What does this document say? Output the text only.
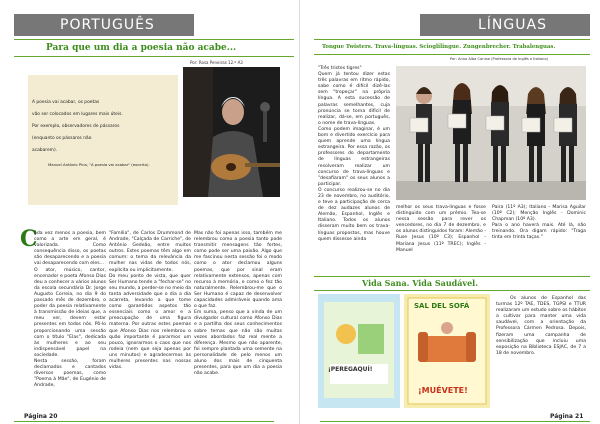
PORTUGUÊS
Para que um dia a poesia não acabe...
Por: Rosa Peneiras 12.º A3
A poesia vai acabar, os poetas
vão ser colocados em lugares mais úteis.
Por exemplo, observadores de pássaros
(enquanto os pássaros não
acabarem).
Manuel António Pina, "A poesia vai acabar" (excerto).
C
ada vez menos a poesia, bem como a arte em geral, é valorizada. Como consequência disso, os poetas são desaparecendo e a poesia vai desaparecendo com eles...
O ator, músico, cantor, encenador e poeta Afonso Dias deu a conhecer a vários alunos da escola secundária Dr. Jorge Augusto Correia, no dia 9 do passado mês de dezembro, o poder da poesia relativamente à transmissão de ideias que, a meu ver, devem estar presentes em todos nós. Pô-lo proporcionando uma sessão com o título "Elas", dedicada às mulheres e ao seu indispensável papel na sociedade.
Nesta sessão, foram declamados e cantados diversos poemas, como "Poema à Mãe", de Eugénio de Andrade,
"Família", de Carlos Drummond de Andrade, "Calçada de Carriche", de António Gedeão, entre muitos outros. Estes poemas têm algo em comum: o tema da relevância da mulher nas vidas de todos nós, explícita ou implicitamente.
Do meu ponto de vista, que quer Ser Humano tende a "fechar-se" no seu mundo, a perder-se no meio da tanta adversidade que o dia a dia acarreta, levando a que tome como garantidos aspetos tão essenciais como o amor e a preocupação de uma figura materna. Por outras estes poemas que Afonso Dias nos relembrou o quão importante é pararmos um pouco, ignorarmos o caos que nos rodeia (nem que seja apenas por uns minutos) e agradecermos às mulheres presentes nas nossas vidas.
Mas não foi apenas isso, também me relembrou como a poesia tanto pode transmitir mensagens tão fortes, como pode ser uma paixão. Algo que me fascinou nesta sessão foi o modo como o ator declamou alguns poemas, que por sinal eram relativamente extensos, apenas com recurso à memória, e como o fez tão naturalmente. Relembrou-me que o Ser Humano é capaz de desenvolver capacidades admiráveis quando ama o que faz.
Em suma, penso que a vinda de um divulgador cultural como Afonso Dias e a partilha dos seus conhecimentos sobre temas que não são muitas vezes abordados faz real mente a diferença. Mesmo que não aparente, foi sempre plantada uma semente na personalidade de pelo menos um aluno dos mais de cinquenta presentes, para que um dia a poesia não acabe.
Página 20
LÍNGUAS
Tongue Twisters. Trava-línguas. Scioglilingue. Zungenbrecher. Trabalenguas.
Por: Anna Alba Caruso (Professora de Inglês e Italiano)
"Três tristes tigres"
Quem já tentou dizer estas três palavras em ritmo rápido, sabe como é difícil dizê-las sem "tropeçar" na própria língua. A esta sucessão de palavras semelhantes, cuja pronúncia se torna difícil de realizar, dá-se, em português, o nome de trava-línguas.
Como podem imaginar, é um bom e divertido exercício para quem aprende uma língua estrangeira. Por essa razão, os professores do departamento de línguas estrangeiras resolveram realizar um concurso de trava-línguas e "desafiaram" os seus alunos a participar.
O concurso realizou-se no dia 23 de novembro, no auditório, e teve a participação de cerca de dez audazes alunos de Alemão, Espanhol, Inglês e Italiano. Todos os alunos disseram muito bem os trava-línguas propostos, mas houve quem dissesse ainda
melhor os seus trava-línguas e fosse distinguido com um prémio. Tea-se nessa sessão para rever os vencedores, no dia 7 de dezembro, e os alunos distinguidos foram: Alemão - Ruse Jesus (10º C3); Espanhol - Mariana Jesus (11º TREC); Inglês - Manuel
Paira (11º A3); Italiano - Marisa Aguilar (10º C2); Menção Inglês - Dominic Chapman (10º A3).
Para o ano haverá mais. Até lá, não treinando. Ora digam rápido: "Traga tinta em trinta taças."
Vida Sana. Vida Saudável.
¡PEREGAQUÍ!
SAL DEL SOFÁ
¡MUÉVETE!
Os alunos de Espanhol das turmas 12º TAE, TDES, TGPSI e TTUR realizaram um estudo sobre os hábitos a cultivar para manter uma vida saudável, com a orientação da Professora Cármen Pedrosa. Depois, fizeram uma campanha de sensibilização que incluiu uma exposição na Biblioteca ESJAC, de 7 a 18 de novembro.
Página 21
